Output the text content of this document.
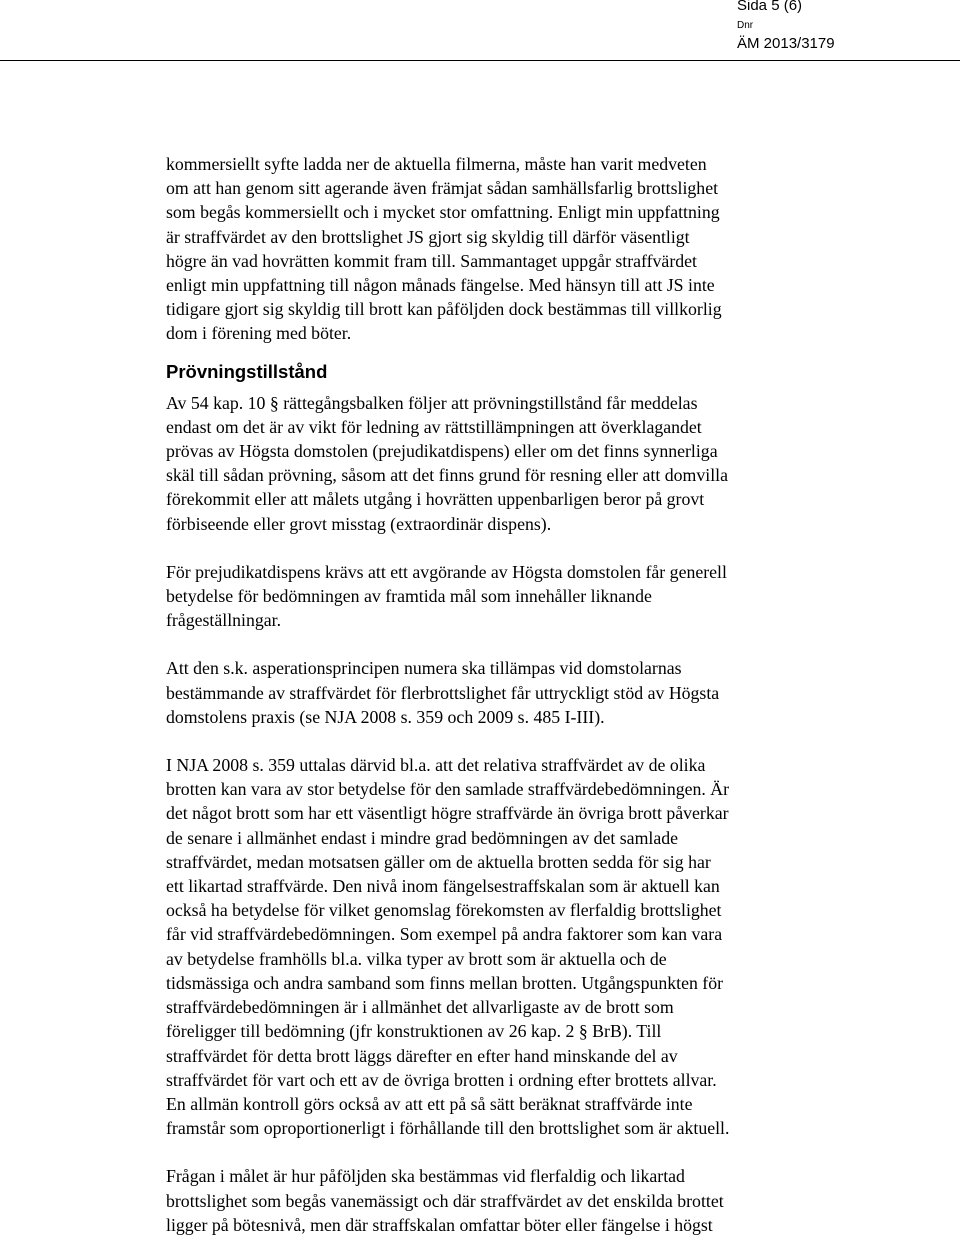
Sida 5 (6)
Dnr
ÄM 2013/3179

kommersiellt syfte ladda ner de aktuella filmerna, måste han varit medveten
om att han genom sitt agerande även främjat sådan samhällsfarlig brottslighet
som begås kommersiellt och i mycket stor omfattning. Enligt min uppfattning
är straffvärdet av den brottslighet JS gjort sig skyldig till därför väsentligt
högre än vad hovrätten kommit fram till. Sammantaget uppgår straffvärdet
enligt min uppfattning till någon månads fängelse. Med hänsyn till att JS inte
tidigare gjort sig skyldig till brott kan påföljden dock bestämmas till villkorlig
dom i förening med böter.

Prövningstillstånd

Av 54 kap. 10 § rättegångsbalken följer att prövningstillstånd får meddelas
endast om det är av vikt för ledning av rättstillämpningen att överklagandet
prövas av Högsta domstolen (prejudikatdispens) eller om det finns synnerliga
skäl till sådan prövning, såsom att det finns grund för resning eller att domvilla
förekommit eller att målets utgång i hovrätten uppenbarligen beror på grovt
förbiseende eller grovt misstag (extraordinär dispens).

För prejudikatdispens krävs att ett avgörande av Högsta domstolen får generell
betydelse för bedömningen av framtida mål som innehåller liknande
frågeställningar.

Att den s.k. asperationsprincipen numera ska tillämpas vid domstolarnas
bestämmande av straffvärdet för flerbrottslighet får uttryckligt stöd av Högsta
domstolens praxis (se NJA 2008 s. 359 och 2009 s. 485 I-III).

I NJA 2008 s. 359 uttalas därvid bl.a. att det relativa straffvärdet av de olika
brotten kan vara av stor betydelse för den samlade straffvärdebedömningen. Är
det något brott som har ett väsentligt högre straffvärde än övriga brott påverkar
de senare i allmänhet endast i mindre grad bedömningen av det samlade
straffvärdet, medan motsatsen gäller om de aktuella brotten sedda för sig har
ett likartad straffvärde. Den nivå inom fängelsestraffskalan som är aktuell kan
också ha betydelse för vilket genomslag förekomsten av flerfaldig brottslighet
får vid straffvärdebedömningen. Som exempel på andra faktorer som kan vara
av betydelse framhölls bl.a. vilka typer av brott som är aktuella och de
tidsmässiga och andra samband som finns mellan brotten. Utgångspunkten för
straffvärdebedömningen är i allmänhet det allvarligaste av de brott som
föreligger till bedömning (jfr konstruktionen av 26 kap. 2 § BrB). Till
straffvärdet för detta brott läggs därefter en efter hand minskande del av
straffvärdet för vart och ett av de övriga brotten i ordning efter brottets allvar.
En allmän kontroll görs också av att ett på så sätt beräknat straffvärde inte
framstår som oproportionerligt i förhållande till den brottslighet som är aktuell.

Frågan i målet är hur påföljden ska bestämmas vid flerfaldig och likartad
brottslighet som begås vanemässigt och där straffvärdet av det enskilda brottet
ligger på bötesnivå, men där straffskalan omfattar böter eller fängelse i högst
